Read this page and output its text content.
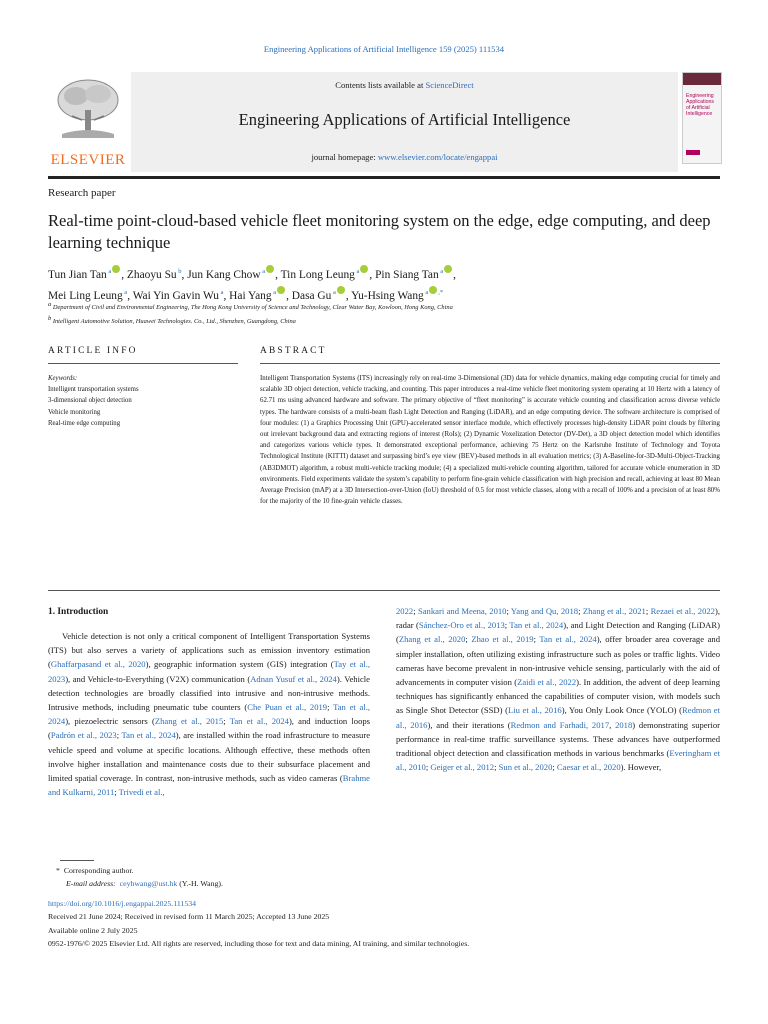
Engineering Applications of Artificial Intelligence 159 (2025) 111534
ELSEVIER
Contents lists available at ScienceDirect
Engineering Applications of Artificial Intelligence
journal homepage: www.elsevier.com/locate/engappai
Engineering Applications of Artificial Intelligence
Research paper
Real-time point-cloud-based vehicle fleet monitoring system on the edge, edge computing, and deep learning technique
Tun Jian Tan $^a$ , Zhaoyu Su $^b$, Jun Kang Chow $^a$ , Tin Long Leung $^a$ , Pin Siang Tan $^a$ ,
Mei Ling Leung $^a$, Wai Yin Gavin Wu $^a$, Hai Yang $^a$ , Dasa Gu $^a$ , Yu-Hsing Wang $^a$ ,*
$^a$ Department of Civil and Environmental Engineering, The Hong Kong University of Science and Technology, Clear Water Bay, Kowloon, Hong Kong, China
$^b$ Intelligent Automotive Solution, Huawei Technologies. Co., Ltd., Shenzhen, Guangdong, China
ARTICLE INFO	ABSTRACT
Keywords:
Intelligent transportation systems
3-dimensional object detection
Vehicle monitoring
Real-time edge computing
Intelligent Transportation Systems (ITS) increasingly rely on real-time 3-Dimensional (3D) data for vehicle dynamics, making edge computing crucial for timely and scalable 3D object detection, vehicle tracking, and counting. This paper introduces a real-time vehicle fleet monitoring system operating at 10 Hertz with a latency of 62.71 ms using advanced hardware and software. The primary objective of “fleet monitoring” is accurate vehicle counting and classification across diverse vehicle types. The hardware consists of a multi-beam flash Light Detection and Ranging (LiDAR), and an edge computing device. The software architecture is comprised of four modules: (1) a Graphics Processing Unit (GPU)-accelerated sensor interface module, which effectively processes high-density LiDAR point clouds by filtering out irrelevant background data and extracting regions of interest (RoIs); (2) Dynamic Voxelization Detector (DV-Det), a 3D object detection model which identifies and categorizes various vehicle types. It demonstrated exceptional performance, achieving 75 Hertz on the Karlsruhe Institute of Technology and Toyota Technological Institute (KITTI) dataset and surpassing bird’s eye view (BEV)-based methods in all evaluation metrics; (3) A-Baseline-for-3D-Multi-Object-Tracking (AB3DMOT) algorithm, a robust multi-vehicle tracking module; (4) a specialized multi-vehicle counting algorithm, tailored for accurate vehicle enumeration in 3D environments. Field experiments validate the system’s capability to perform fine-grain vehicle classification with high precision and recall, achieving at least 80 Mean Average Precision (mAP) at a 3D Intersection-over-Union (IoU) threshold of 0.5 for most vehicle classes, along with a recall of 100% and a precision of at least 80% for the majority of the 10 fine-grain vehicle classes.
1. Introduction
Vehicle detection is not only a critical component of Intelligent Transportation Systems (ITS) but also serves a variety of applications such as emission inventory estimation (Ghaffarpasand et al., 2020), geographic information system (GIS) integration (Tay et al., 2023), and Vehicle-to-Everything (V2X) communication (Adnan Yusuf et al., 2024). Vehicle detection technologies are broadly classified into intrusive and non-intrusive methods. Intrusive methods, including pneumatic tube counters (Che Puan et al., 2019; Tan et al., 2024), piezoelectric sensors (Zhang et al., 2015; Tan et al., 2024), and induction loops (Padrón et al., 2023; Tan et al., 2024), are installed within the road infrastructure to measure vehicle speed and volume at specific locations. Although effective, these methods often involve higher installation and maintenance costs due to their subsurface placement and limited spatial coverage. In contrast, non-intrusive methods, such as video cameras (Brahme and Kulkarni, 2011; Trivedi et al.,
2022; Sankari and Meena, 2010; Yang and Qu, 2018; Zhang et al., 2021; Rezaei et al., 2022), radar (Sánchez-Oro et al., 2013; Tan et al., 2024), and Light Detection and Ranging (LiDAR) (Zhang et al., 2020; Zhao et al., 2019; Tan et al., 2024), offer broader area coverage and simpler installation, often utilizing existing infrastructure such as poles or traffic lights. Video cameras have become prevalent in non-intrusive vehicle sensing, particularly with the aid of advancements in computer vision (Zaidi et al., 2022). In addition, the advent of deep learning techniques has significantly enhanced the capabilities of computer vision, with models such as Single Shot Detector (SSD) (Liu et al., 2016), You Only Look Once (YOLO) (Redmon et al., 2016), and their iterations (Redmon and Farhadi, 2017, 2018) demonstrating superior performance in real-time traffic surveillance systems. These advances have outperformed traditional object detection and classification methods in various benchmarks (Everingham et al., 2010; Geiger et al., 2012; Sun et al., 2020; Caesar et al., 2020). However,
* Corresponding author.
E-mail address: ceyhwang@ust.hk (Y.-H. Wang).
https://doi.org/10.1016/j.engappai.2025.111534
Received 21 June 2024; Received in revised form 11 March 2025; Accepted 13 June 2025
Available online 2 July 2025
0952-1976/© 2025 Elsevier Ltd. All rights are reserved, including those for text and data mining, AI training, and similar technologies.
